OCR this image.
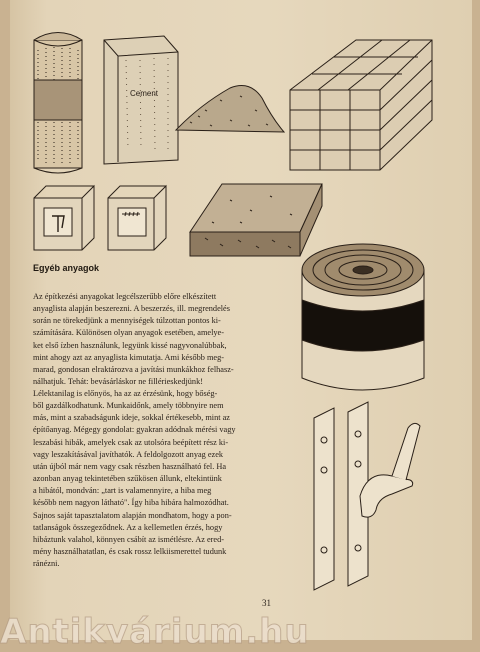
Cement
Egyéb anyagok

Az építkezési anyagokat legcélszerűbb előre elkészített
anyaglista alapján beszerezni. A beszerzés, ill. megrendelés
során ne törekedjünk a mennyiségek túlzottan pontos ki-
számítására. Különösen olyan anyagok esetében, amelye-
ket első ízben használunk, legyünk kissé nagyvonalúbbak,
mint ahogy azt az anyaglista kimutatja. Ami később meg-
marad, gondosan elraktározva a javítási munkákhoz felhasz-
nálhatjuk. Tehát: bevásárláskor ne fillérieskedjünk!

Lélektanilag is előnyös, ha az az érzésünk, hogy bőség-
ből gazdálkodhatunk. Munkaidőnk, amely többnyire nem
más, mint a szabadságunk ideje, sokkal értékesebb, mint az
építőanyag. Mégegy gondolat: gyakran adódnak mérési vagy
leszabási hibák, amelyek csak az utolsóra beépített rész ki-
vagy leszakításával javíthatók. A feldolgozott anyag ezek
után újból már nem vagy csak részben használható fel. Ha
azonban anyag tekintetében szűkösen állunk, eltekintünk
a hibától, mondván: „tart is valamennyire, a hiba meg
később nem nagyon látható". Így hiba hibára halmozódhat.
Sajnos saját tapasztalatom alapján mondhatom, hogy a pon-
tatlanságok összegeződnek. Az a kellemetlen érzés, hogy
hibáztunk valahol, könnyen csábít az ismétlésre. Az ered-
mény használhatatlan, és csak rossz lelkiismerettel tudunk
ránézni.

31
Antikvárium.hu
